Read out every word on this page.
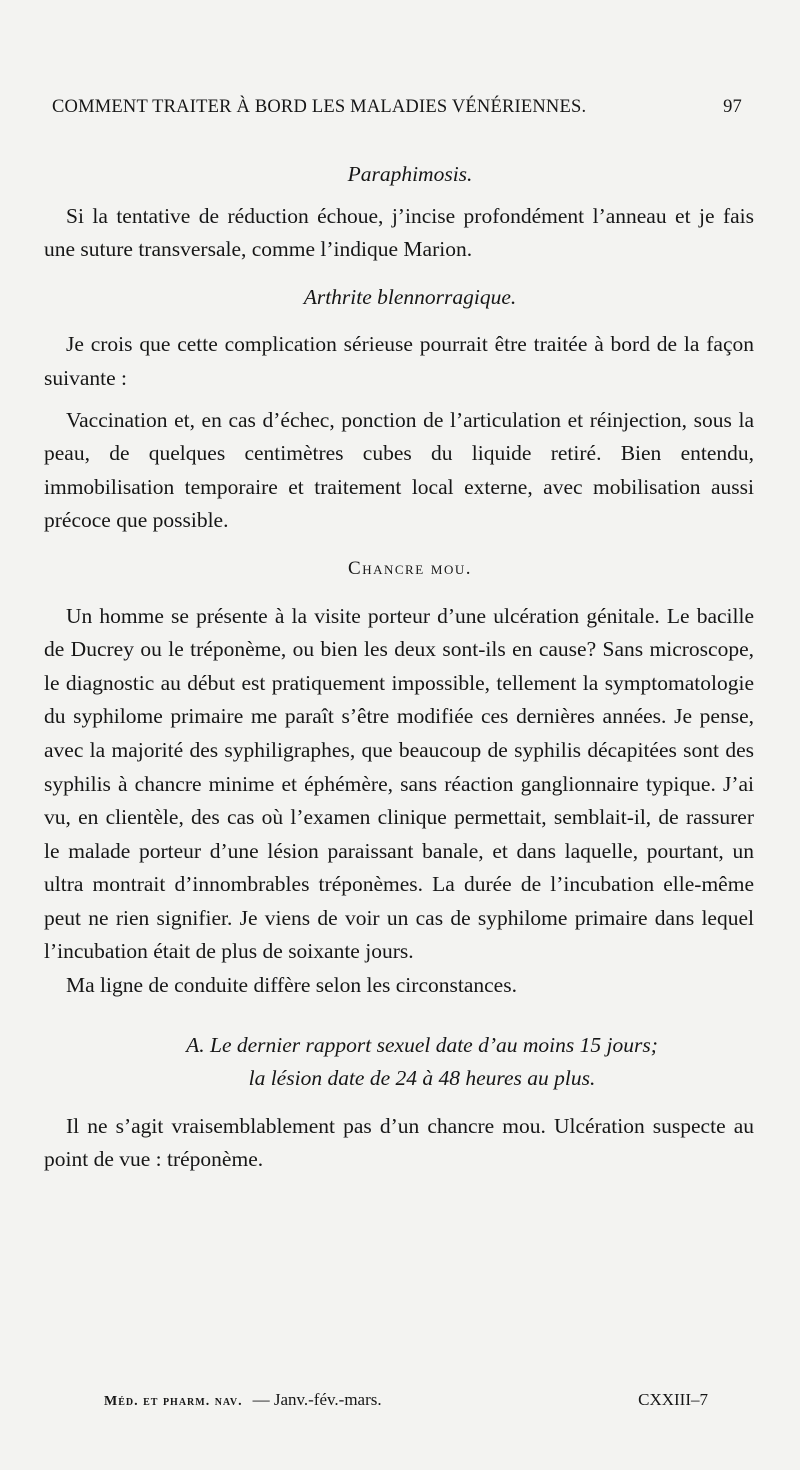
COMMENT TRAITER À BORD LES MALADIES VÉNÉRIENNES.	97

Paraphimosis.

Si la tentative de réduction échoue, j’incise profondément l’anneau et je fais une suture transversale, comme l’indique Marion.

Arthrite blennorragique.

Je crois que cette complication sérieuse pourrait être traitée à bord de la façon suivante :

Vaccination et, en cas d’échec, ponction de l’articulation et réinjection, sous la peau, de quelques centimètres cubes du liquide retiré. Bien entendu, immobilisation temporaire et traitement local externe, avec mobilisation aussi précoce que possible.

Chancre mou.

Un homme se présente à la visite porteur d’une ulcération génitale. Le bacille de Ducrey ou le tréponème, ou bien les deux sont-ils en cause? Sans microscope, le diagnostic au début est pratiquement impossible, tellement la symptomatologie du syphilome primaire me paraît s’être modifiée ces dernières années. Je pense, avec la majorité des syphiligraphes, que beaucoup de syphilis décapitées sont des syphilis à chancre minime et éphémère, sans réaction ganglionnaire typique. J’ai vu, en clientèle, des cas où l’examen clinique permettait, semblait-il, de rassurer le malade porteur d’une lésion paraissant banale, et dans laquelle, pourtant, un ultra montrait d’innombrables tréponèmes. La durée de l’incubation elle-même peut ne rien signifier. Je viens de voir un cas de syphilome primaire dans lequel l’incubation était de plus de soixante jours.

Ma ligne de conduite diffère selon les circonstances.

A. Le dernier rapport sexuel date d’au moins 15 jours;

la lésion date de 24 à 48 heures au plus.

Il ne s’agit vraisemblablement pas d’un chancre mou. Ulcération suspecte au point de vue : tréponème.

Méd. et pharm. nav. — Janv.-fév.-mars.	CXXIII–7
